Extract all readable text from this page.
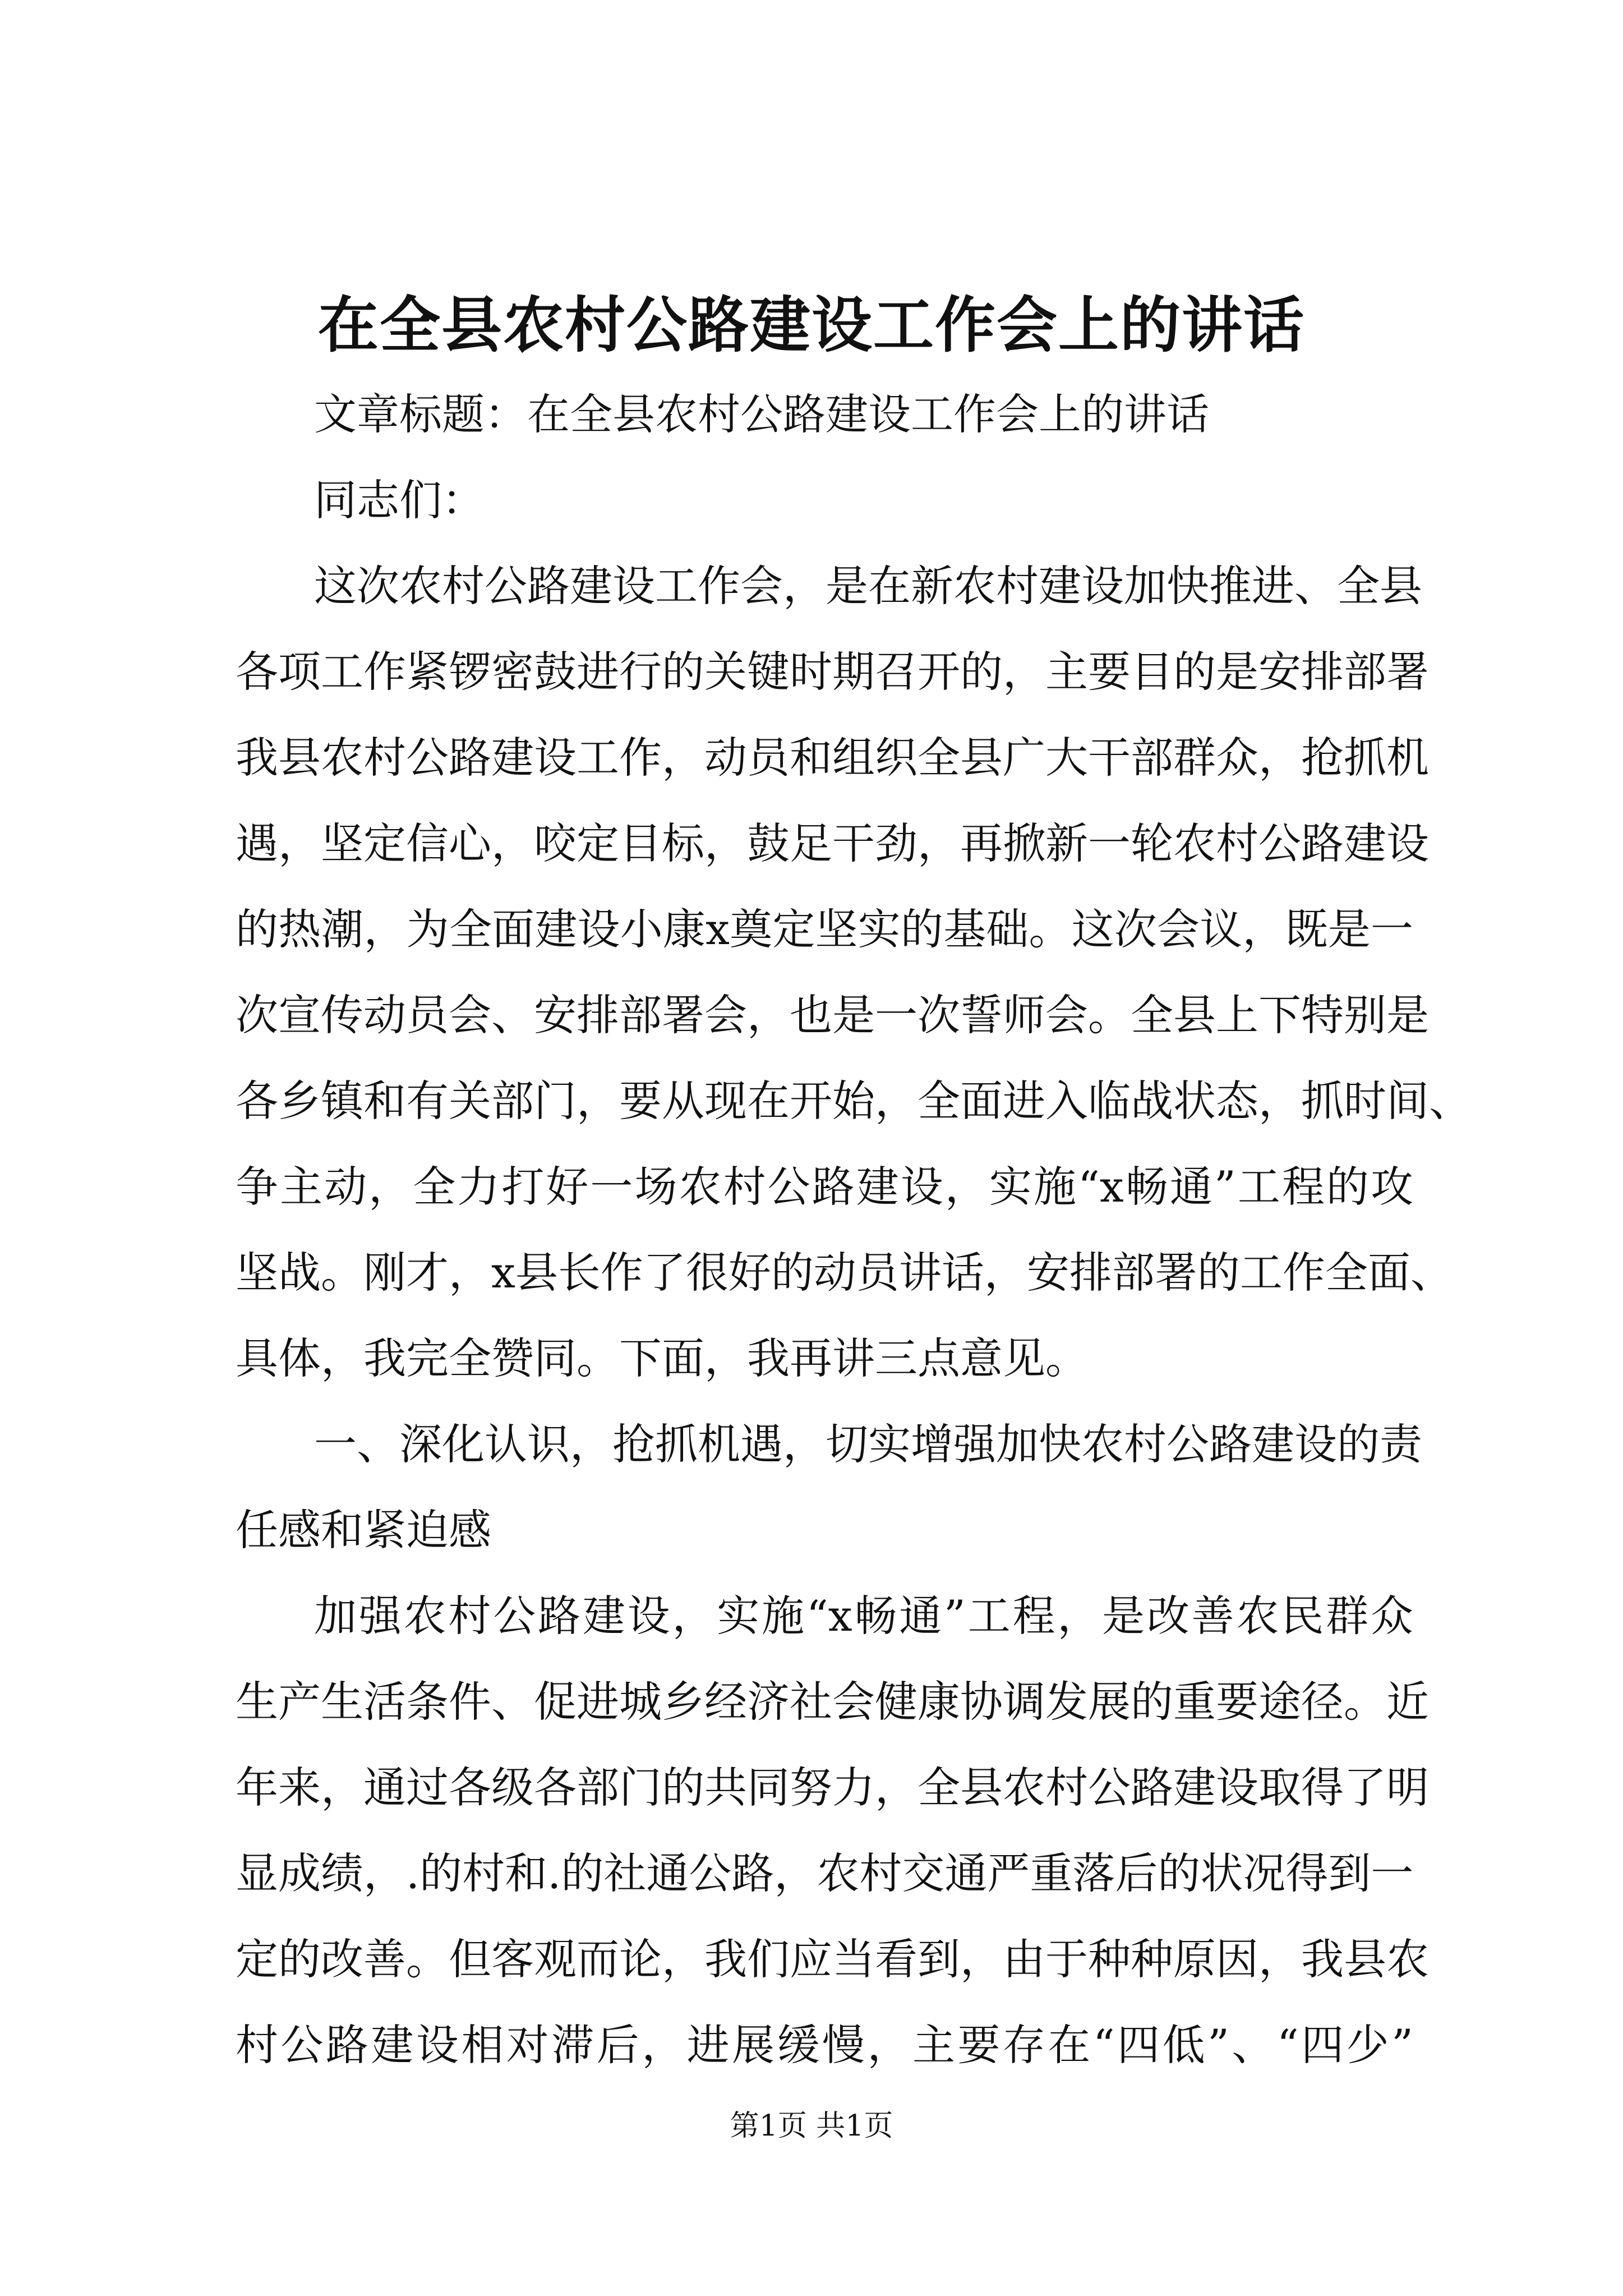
在全县农村公路建设工作会上的讲话
文章标题：在全县农村公路建设工作会上的讲话
同志们：
这次农村公路建设工作会，是在新农村建设加快推进、全县
各项工作紧锣密鼓进行的关键时期召开的，主要目的是安排部署
我县农村公路建设工作，动员和组织全县广大干部群众，抢抓机
遇，坚定信心，咬定目标，鼓足干劲，再掀新一轮农村公路建设
的热潮，为全面建设小康x奠定坚实的基础。这次会议，既是一
次宣传动员会、安排部署会，也是一次誓师会。全县上下特别是
各乡镇和有关部门，要从现在开始，全面进入临战状态，抓时间、
争主动，全力打好一场农村公路建设，实施“x畅通”工程的攻
坚战。刚才，x县长作了很好的动员讲话，安排部署的工作全面、
具体，我完全赞同。下面，我再讲三点意见。
一、深化认识，抢抓机遇，切实增强加快农村公路建设的责
任感和紧迫感
加强农村公路建设，实施“x畅通”工程，是改善农民群众
生产生活条件、促进城乡经济社会健康协调发展的重要途径。近
年来，通过各级各部门的共同努力，全县农村公路建设取得了明
显成绩，.的村和.的社通公路，农村交通严重落后的状况得到一
定的改善。但客观而论，我们应当看到，由于种种原因，我县农
村公路建设相对滞后，进展缓慢，主要存在“四低”、“四少”
第1页 共1页
